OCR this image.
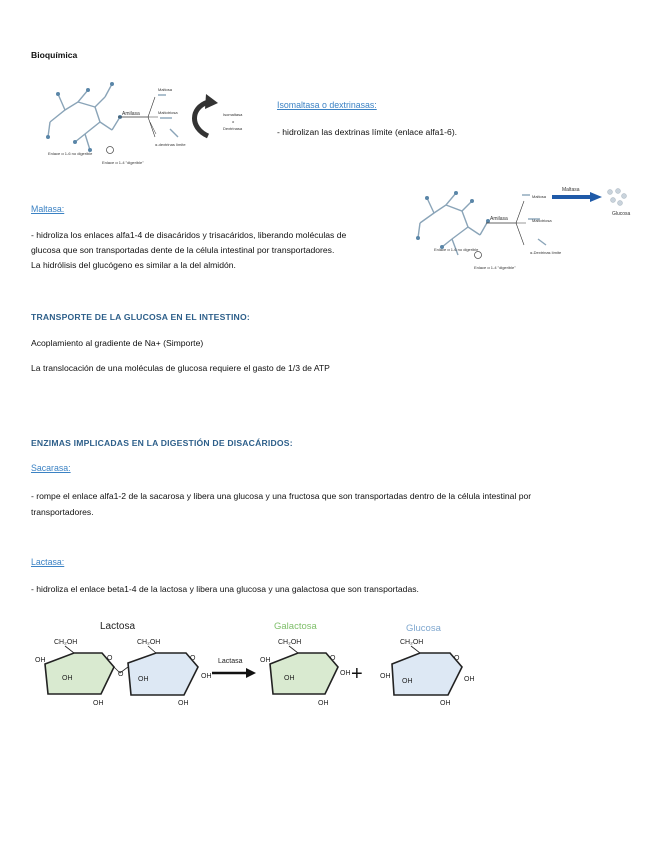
Bioquímica
Enlace α 1-6 no digerible
Enlace α 1-4 "digerible"
Amilasa
Maltosa
Maltotriosa
α-dextrinas límite
Isomaltasa
o
Dextrinasa
Isomaltasa o dextrinasas:
- hidrolizan las dextrinas límite (enlace alfa1-6).
Maltasa:
- hidroliza los enlaces alfa1-4 de disacáridos y trisacáridos, liberando moléculas de
glucosa que son transportadas dente de la célula intestinal por transportadores.
La hidrólisis del glucógeno es similar a la del almidón.
Enlace α 1-6 no digerible
Enlace α 1-4 "digerible"
Amilasa
Maltosa
Maltotriosa
α-Dextrinas límite
Maltasa
Glucosa
TRANSPORTE DE LA GLUCOSA EN EL INTESTINO:
Acoplamiento al gradiente de Na+ (Simporte)
La translocación de una moléculas de glucosa requiere el gasto de 1/3 de ATP
ENZIMAS IMPLICADAS EN LA DIGESTIÓN DE DISACÁRIDOS:
Sacarasa:
- rompe el enlace alfa1-2 de la sacarosa y libera una glucosa y una fructosa que son transportadas dentro de la célula intestinal por
transportadores.
Lactasa:
- hidroliza el enlace beta1-4 de la lactosa y libera una glucosa y una galactosa que son transportadas.
Lactosa	Galactosa	Glucosa
CH₂OH
OH
OH
OH
O
O
CH₂OH
O
OH	OH
OH
Lactasa
CH₂OH
OH
OH
O
OH
OH
+
CH₂OH
O
OH
OH	OH
OH
